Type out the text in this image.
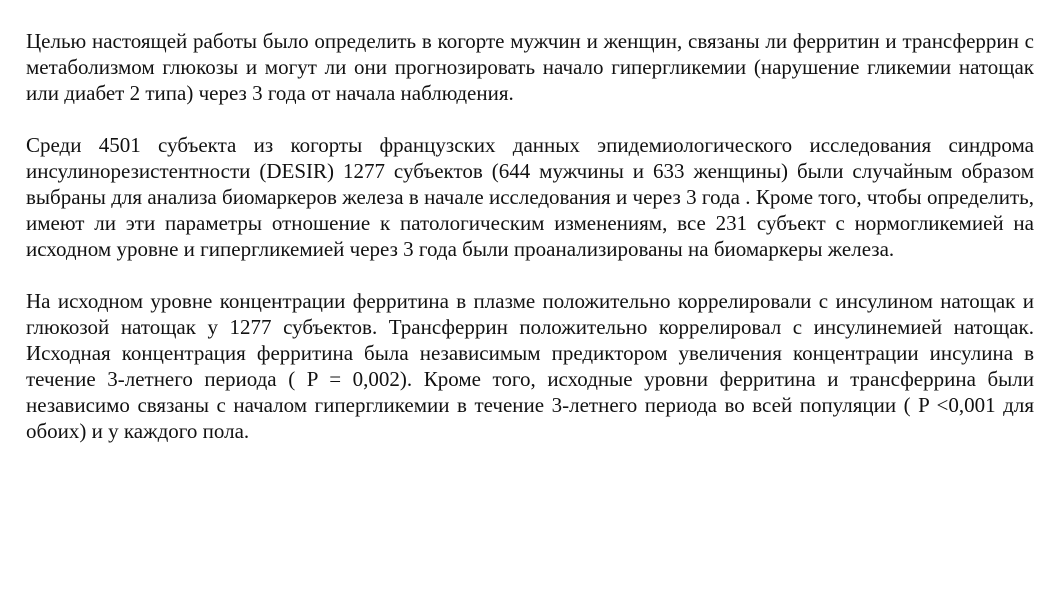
Целью настоящей работы было определить в когорте мужчин и женщин, связаны ли ферритин и трансферрин с метаболизмом глюкозы и могут ли они прогнозировать начало гипергликемии (нарушение гликемии натощак или диабет 2 типа) через 3 года от начала наблюдения.

Среди 4501 субъекта из когорты французских данных эпидемиологического исследования синдрома инсулинорезистентности (DESIR) 1277 субъектов (644 мужчины и 633 женщины) были случайным образом выбраны для анализа биомаркеров железа в начале исследования и через 3 года . Кроме того, чтобы определить, имеют ли эти параметры отношение к патологическим изменениям, все 231 субъект с нормогликемией на исходном уровне и гипергликемией через 3 года были проанализированы на биомаркеры железа.

На исходном уровне концентрации ферритина в плазме положительно коррелировали с инсулином натощак и глюкозой натощак у 1277 субъектов. Трансферрин положительно коррелировал с инсулинемией натощак. Исходная концентрация ферритина была независимым предиктором увеличения концентрации инсулина в течение 3-летнего периода ( P = 0,002). Кроме того, исходные уровни ферритина и трансферрина были независимо связаны с началом гипергликемии в течение 3-летнего периода во всей популяции ( P <0,001 для обоих) и у каждого пола.
